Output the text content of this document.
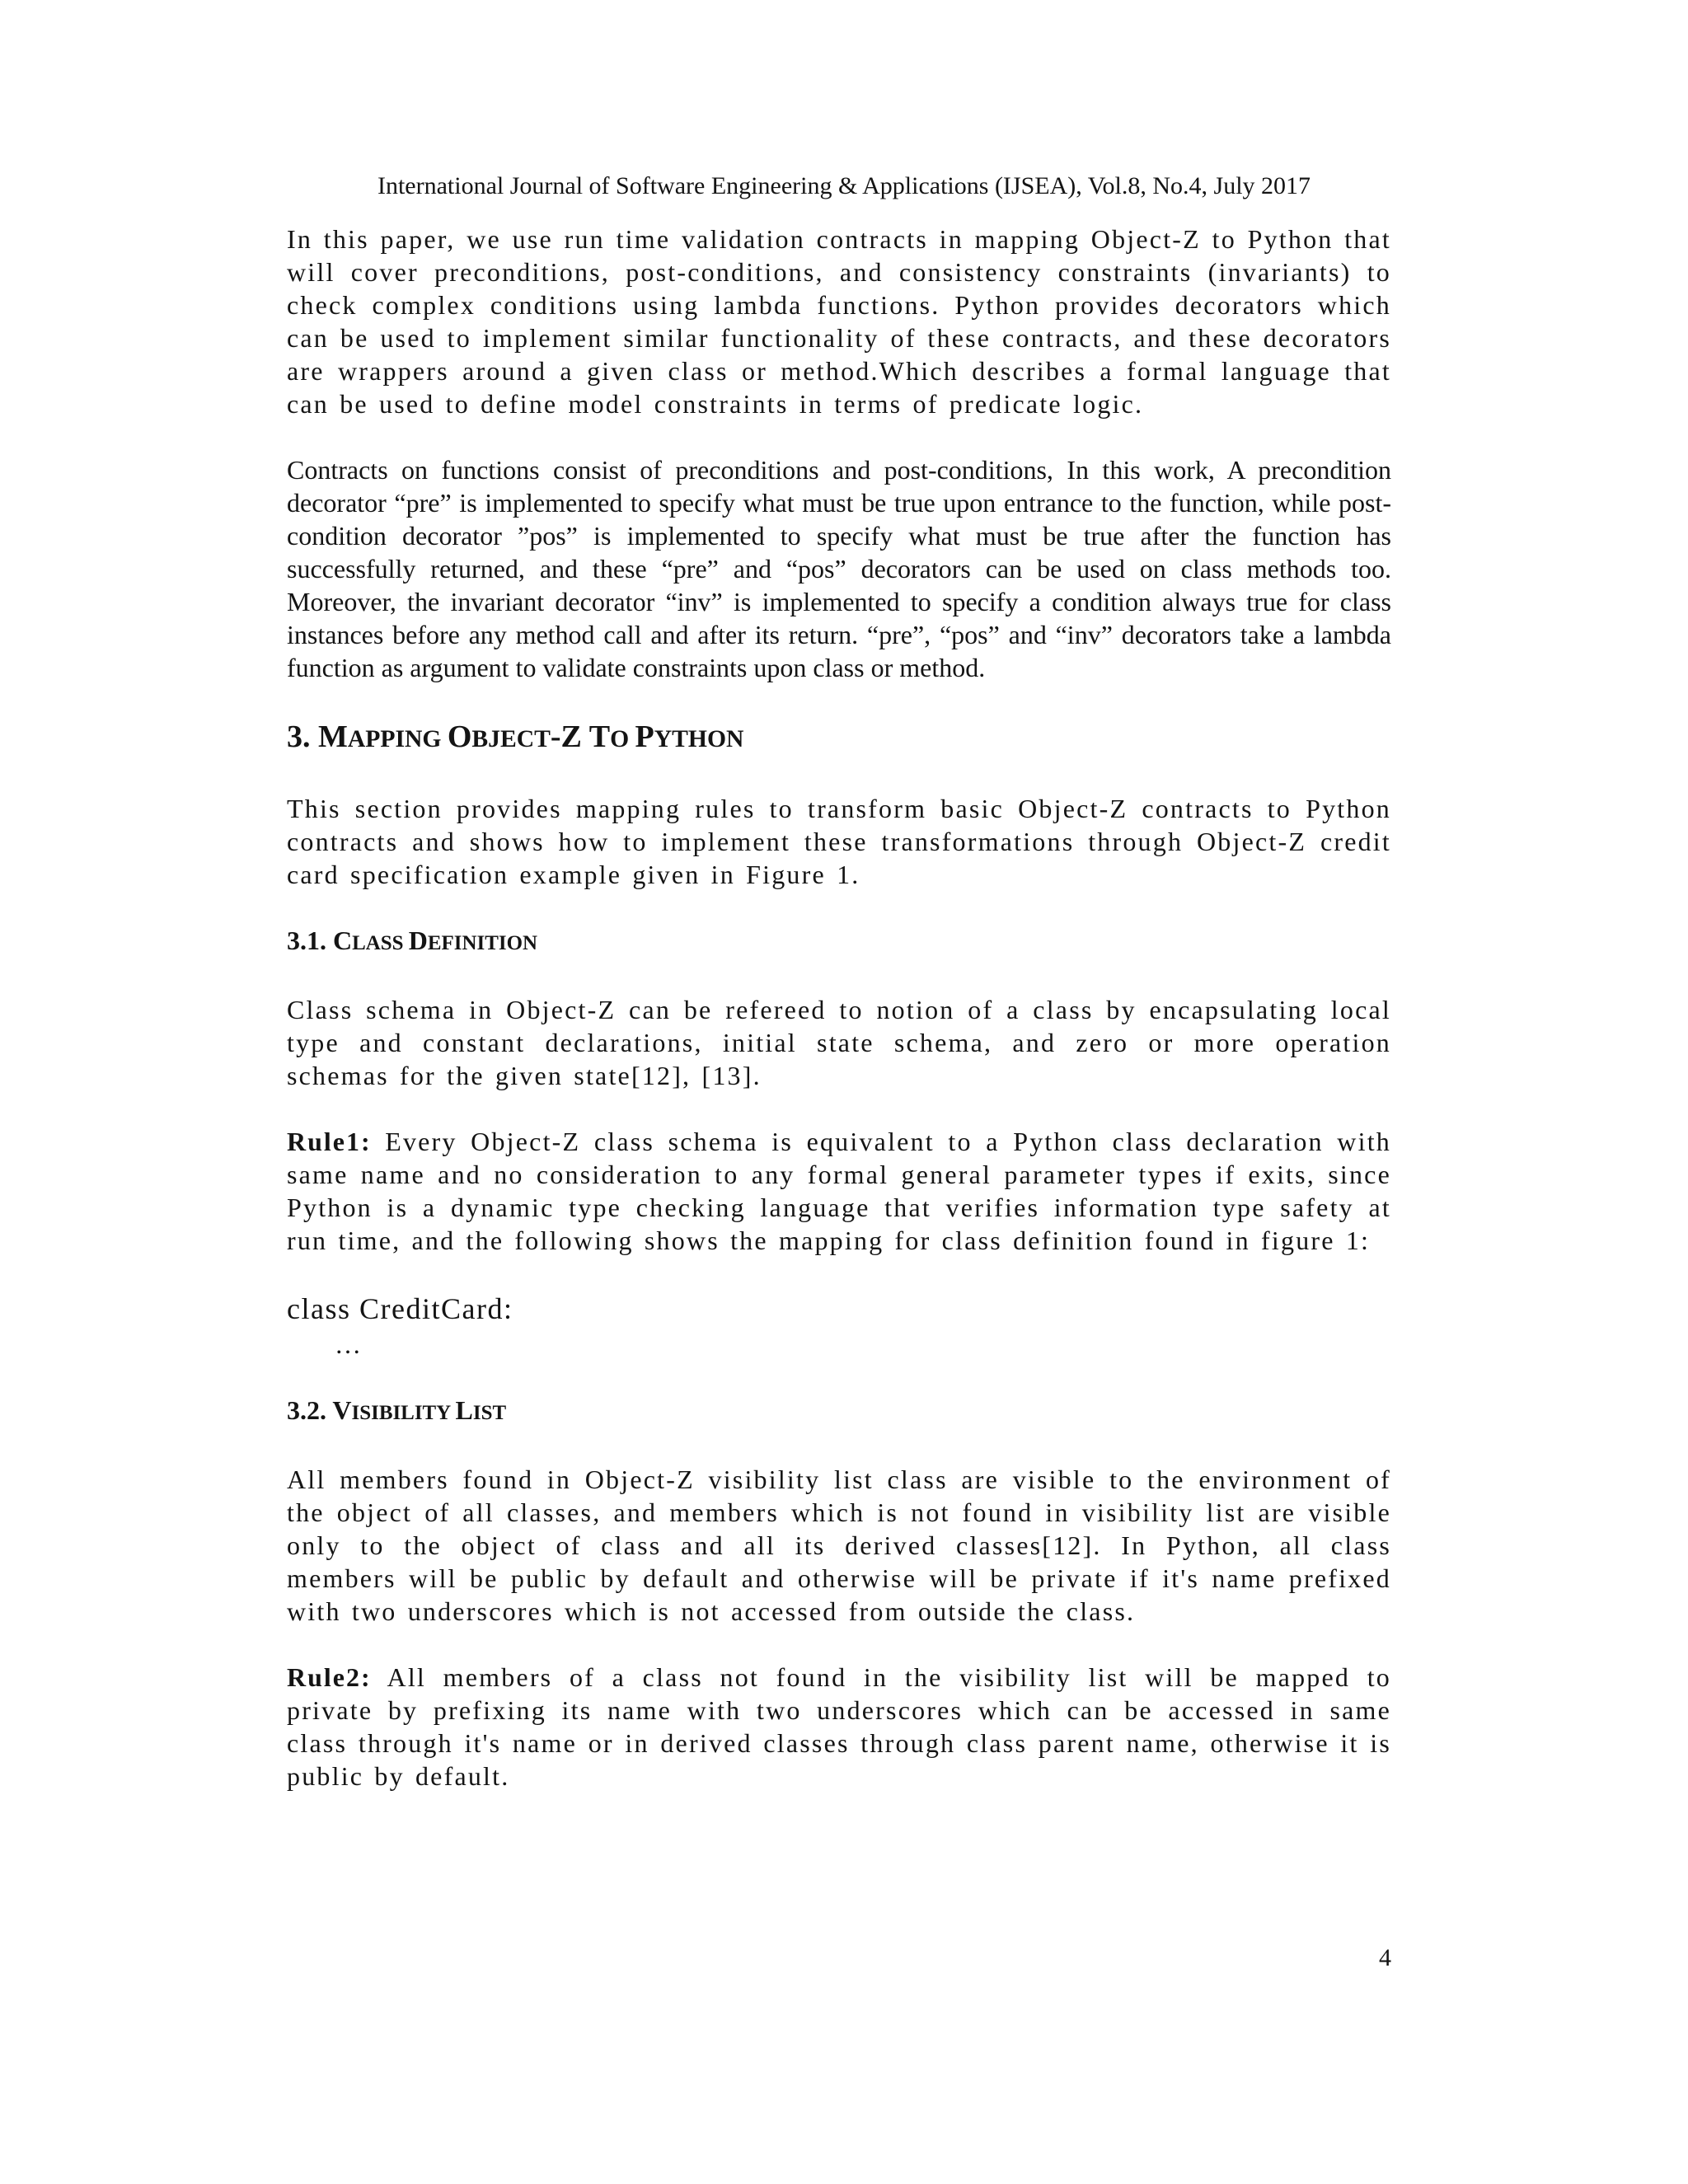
International Journal of Software Engineering & Applications (IJSEA), Vol.8, No.4, July 2017

In this paper, we use run time validation contracts in mapping Object-Z to Python that will cover preconditions, post-conditions, and consistency constraints (invariants) to check complex conditions using lambda functions. Python provides decorators which can be used to implement similar functionality of these contracts, and these decorators are wrappers around a given class or method.Which describes a formal language that can be used to define model constraints in terms of predicate logic.

Contracts on functions consist of preconditions and post-conditions, In this work, A precondition decorator “pre” is implemented to specify what must be true upon entrance to the function, while post-condition decorator ”pos” is implemented to specify what must be true after the function has successfully returned, and these “pre” and “pos” decorators can be used on class methods too. Moreover, the invariant decorator “inv” is implemented to specify a condition always true for class instances before any method call and after its return. “pre”, “pos” and “inv” decorators take a lambda function as argument to validate constraints upon class or method.

3. MAPPING OBJECT-Z TO PYTHON

This section provides mapping rules to transform basic Object-Z contracts to Python contracts and shows how to implement these transformations through Object-Z credit card specification example given in Figure 1.

3.1. CLASS DEFINITION

Class schema in Object-Z can be refereed to notion of a class by encapsulating local type and constant declarations, initial state schema, and zero or more operation schemas for the given state[12], [13].

Rule1: Every Object-Z class schema is equivalent to a Python class declaration with same name and no consideration to any formal general parameter types if exits, since Python is a dynamic type checking language that verifies information type safety at run time, and the following shows the mapping for class definition found in figure 1:

class CreditCard:
…
3.2. VISIBILITY LIST

All members found in Object-Z visibility list class are visible to the environment of the object of all classes, and members which is not found in visibility list are visible only to the object of class and all its derived classes[12]. In Python, all class members will be public by default and otherwise will be private if it's name prefixed with two underscores which is not accessed from outside the class.

Rule2: All members of a class not found in the visibility list will be mapped to private by prefixing its name with two underscores which can be accessed in same class through it's name or in derived classes through class parent name, otherwise it is public by default.

4
